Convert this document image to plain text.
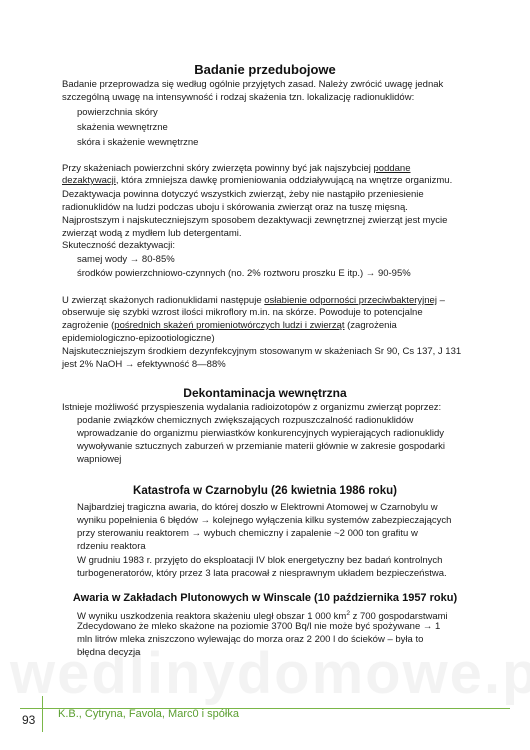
Badanie przedubojowe
Badanie przeprowadza się według ogólnie przyjętych zasad. Należy zwrócić uwagę jednak
szczególną uwagę na intensywność i rodzaj skażenia tzn. lokalizację radionuklidów:
powierzchnia skóry
skażenia wewnętrzne
skóra i skażenie wewnętrzne
Przy skażeniach powierzchni skóry zwierzęta powinny być jak najszybciej poddane
dezaktywacji, która zmniejsza dawkę promieniowania oddziaływującą na wnętrze organizmu.
Dezaktywacja powinna dotyczyć wszystkich zwierząt, żeby nie nastąpiło przeniesienie
radionuklidów na ludzi podczas uboju i skórowania zwierząt oraz na tuszę mięsną.
Najprostszym i najskuteczniejszym sposobem dezaktywacji zewnętrznej zwierząt jest mycie
zwierząt wodą z mydłem lub detergentami.
Skuteczność dezaktywacji:
samej wody → 80-85%
środków powierzchniowo-czynnych (no. 2% roztworu proszku E itp.) → 90-95%
U zwierząt skażonych radionuklidami następuje osłabienie odporności przeciwbakteryjnej –
obserwuje się szybki wzrost ilości mikroflory m.in. na skórze. Powoduje to potencjalne
zagrożenie (pośrednich skażeń promieniotwórczych ludzi i zwierząt (zagrożenia
epidemiologiczno-epizootiologiczne)
Najskuteczniejszym środkiem dezynfekcyjnym stosowanym w skażeniach Sr 90, Cs 137, J 131
jest 2% NaOH → efektywność 8—88%
Dekontaminacja wewnętrzna
Istnieje możliwość przyspieszenia wydalania radioizotopów z organizmu zwierząt poprzez:
podanie związków chemicznych zwiększających rozpuszczalność radionuklidów
wprowadzanie do organizmu pierwiastków konkurencyjnych wypierających radionuklidy
wywoływanie sztucznych zaburzeń w przemianie materii głównie w zakresie gospodarki
wapniowej
Katastrofa w Czarnobylu (26 kwietnia 1986 roku)
Najbardziej tragiczna awaria, do której doszło w Elektrowni Atomowej w Czarnobylu w
wyniku popełnienia 6 błędów → kolejnego wyłączenia kilku systemów zabezpieczających
przy sterowaniu reaktorem → wybuch chemiczny i zapalenie ~2 000 ton grafitu w
rdzeniu reaktora
W grudniu 1983 r. przyjęto do eksploatacji IV blok energetyczny bez badań kontrolnych
turbogeneratorów, który przez 3 lata pracował z niesprawnym układem bezpieczeństwa.
Awaria w Zakładach Plutonowych w Winscale (10 października 1957 roku)
W wyniku uszkodzenia reaktora skażeniu uległ obszar 1 000 $km^2$ z 700 gospodarstwami
Zdecydowano że mleko skażone na poziomie 3700 Bq/l nie może być spożywane → 1
mln litrów mleka zniszczono wylewając do morza oraz 2 200 l do ścieków – była to
błędna decyzja
93 K.B., Cytryna, Favola, Marc0 i spółka
